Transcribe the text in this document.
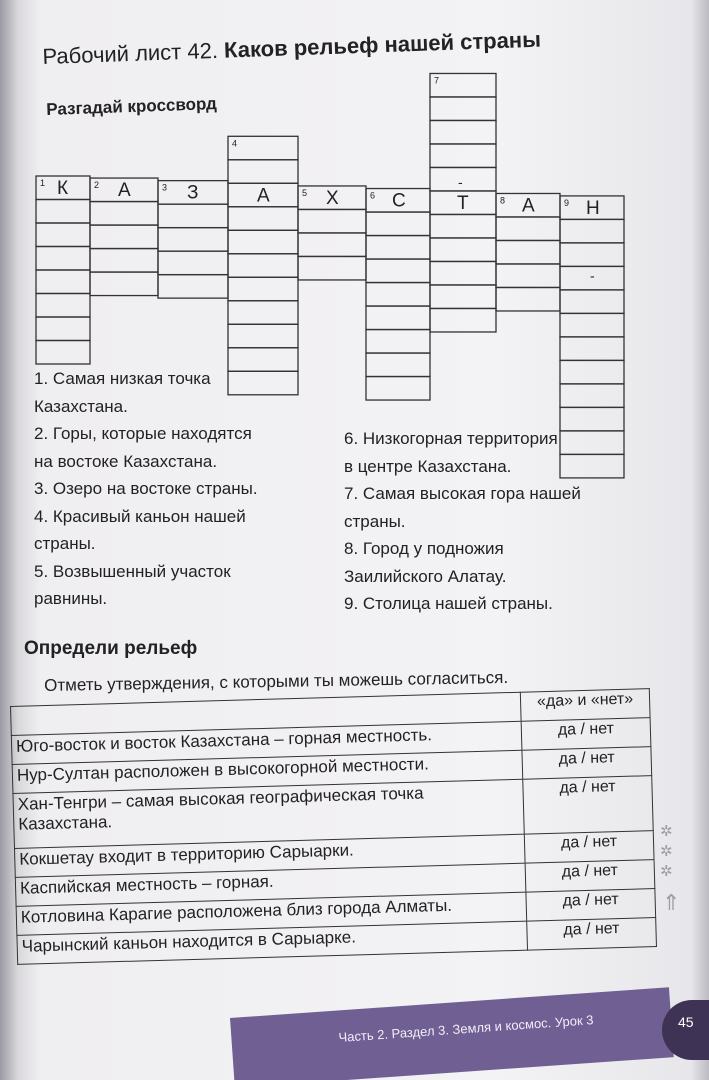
Рабочий лист 42. Каков рельеф нашей страны
Разгадай кроссворд
1 К	2 А	3 З
4
А	5 Х	6 С
7
Т	8 А	9 Н
-
-
1. Самая низкая точка
Казахстана.
2. Горы, которые находятся
на востоке Казахстана.
3. Озеро на востоке страны.
4. Красивый каньон нашей
страны.
5. Возвышенный участок
равнины.
6. Низкогорная территория
в центре Казахстана.
7. Самая высокая гора нашей
страны.
8. Город у подножия
Заилийского Алатау.
9. Столица нашей страны.
Определи рельеф
Отметь утверждения, с которыми ты можешь согласиться.
	«да» и «нет»
Юго-восток и восток Казахстана – горная местность.	да / нет
Нур-Султан расположен в высокогорной местности.	да / нет
Хан-Тенгри – самая высокая географическая точка Казахстана.	да / нет
Кокшетау входит в территорию Сарыарки.	да / нет
Каспийская местность – горная.	да / нет
Котловина Карагие расположена близ города Алматы.	да / нет
Чарынский каньон находится в Сарыарке.	да / нет
✲
✲
✲
⇑
Часть 2. Раздел 3. Земля и космос. Урок 3	45
